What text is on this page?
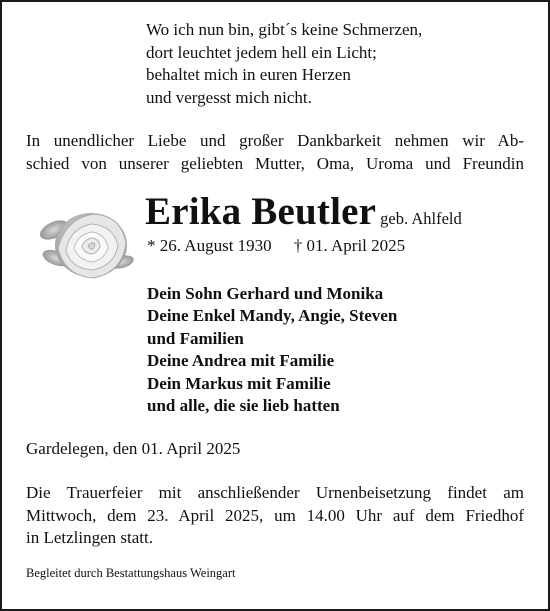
Wo ich nun bin, gibt´s keine Schmerzen,
dort leuchtet jedem hell ein Licht;
behaltet mich in euren Herzen
und vergesst mich nicht.
In unendlicher Liebe und großer Dankbarkeit nehmen wir Ab-
schied von unserer geliebten Mutter, Oma, Uroma und Freundin
Erika Beutler geb. Ahlfeld
* 26. August 1930 † 01. April 2025
Dein Sohn Gerhard und Monika
Deine Enkel Mandy, Angie, Steven
und Familien
Deine Andrea mit Familie
Dein Markus mit Familie
und alle, die sie lieb hatten
Gardelegen, den 01. April 2025
Die Trauerfeier mit anschließender Urnenbeisetzung findet am
Mittwoch, dem 23. April 2025, um 14.00 Uhr auf dem Friedhof
in Letzlingen statt.
Begleitet durch Bestattungshaus Weingart
